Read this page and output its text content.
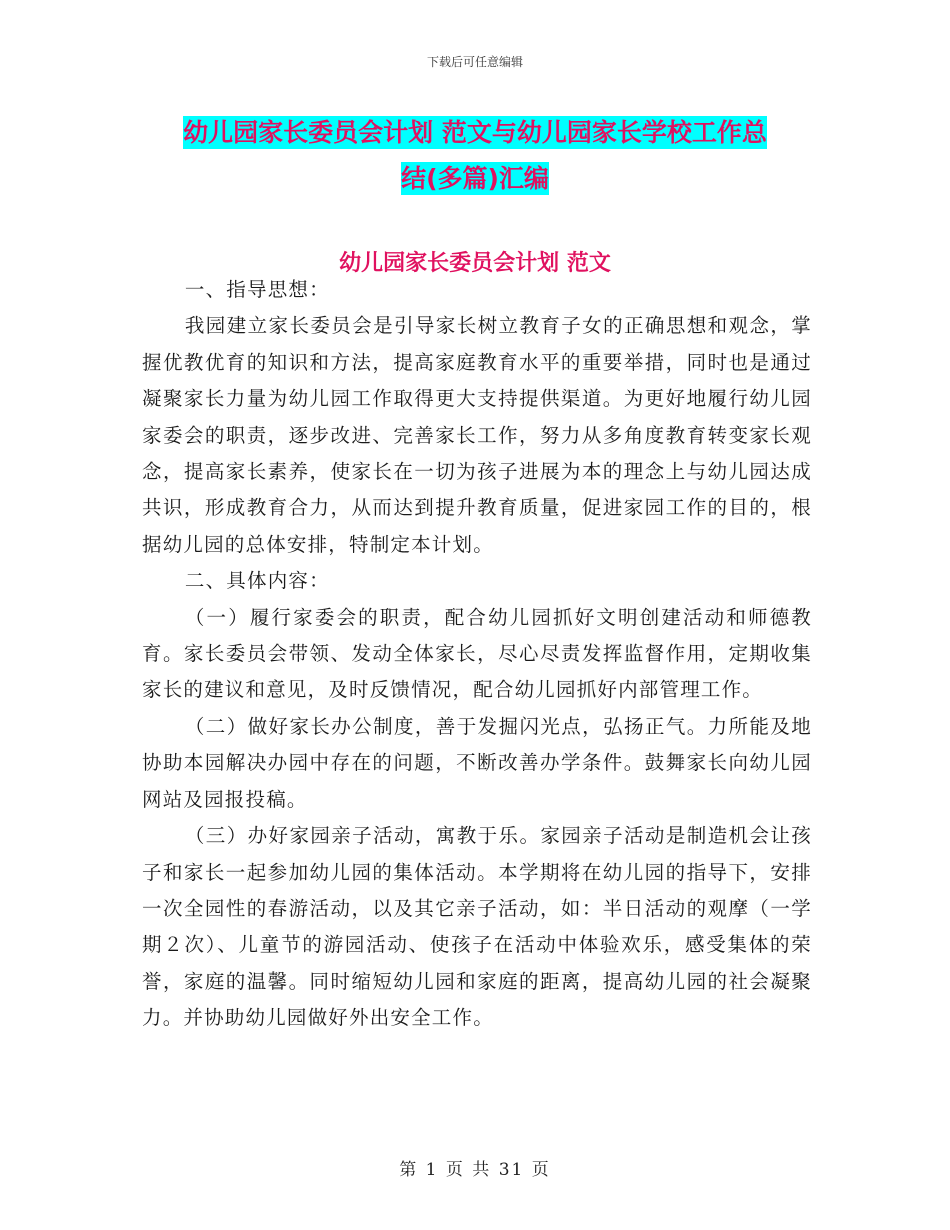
下载后可任意编辑
幼儿园家长委员会计划 范文与幼儿园家长学校工作总
结(多篇)汇编
幼儿园家长委员会计划 范文

一、指导思想：

我园建立家长委员会是引导家长树立教育子女的正确思想和观念，掌握优教优育的知识和方法，提高家庭教育水平的重要举措，同时也是通过凝聚家长力量为幼儿园工作取得更大支持提供渠道。为更好地履行幼儿园家委会的职责，逐步改进、完善家长工作，努力从多角度教育转变家长观念，提高家长素养，使家长在一切为孩子进展为本的理念上与幼儿园达成共识，形成教育合力，从而达到提升教育质量，促进家园工作的目的，根据幼儿园的总体安排，特制定本计划。

二、具体内容：

（一）履行家委会的职责，配合幼儿园抓好文明创建活动和师德教育。家长委员会带领、发动全体家长，尽心尽责发挥监督作用，定期收集家长的建议和意见，及时反馈情况，配合幼儿园抓好内部管理工作。

（二）做好家长办公制度，善于发掘闪光点，弘扬正气。力所能及地协助本园解决办园中存在的问题，不断改善办学条件。鼓舞家长向幼儿园网站及园报投稿。

（三）办好家园亲子活动，寓教于乐。家园亲子活动是制造机会让孩子和家长一起参加幼儿园的集体活动。本学期将在幼儿园的指导下，安排一次全园性的春游活动，以及其它亲子活动，如：半日活动的观摩（一学期２次）、儿童节的游园活动、使孩子在活动中体验欢乐，感受集体的荣誉，家庭的温馨。同时缩短幼儿园和家庭的距离，提高幼儿园的社会凝聚力。并协助幼儿园做好外出安全工作。

第 1 页 共 31 页
